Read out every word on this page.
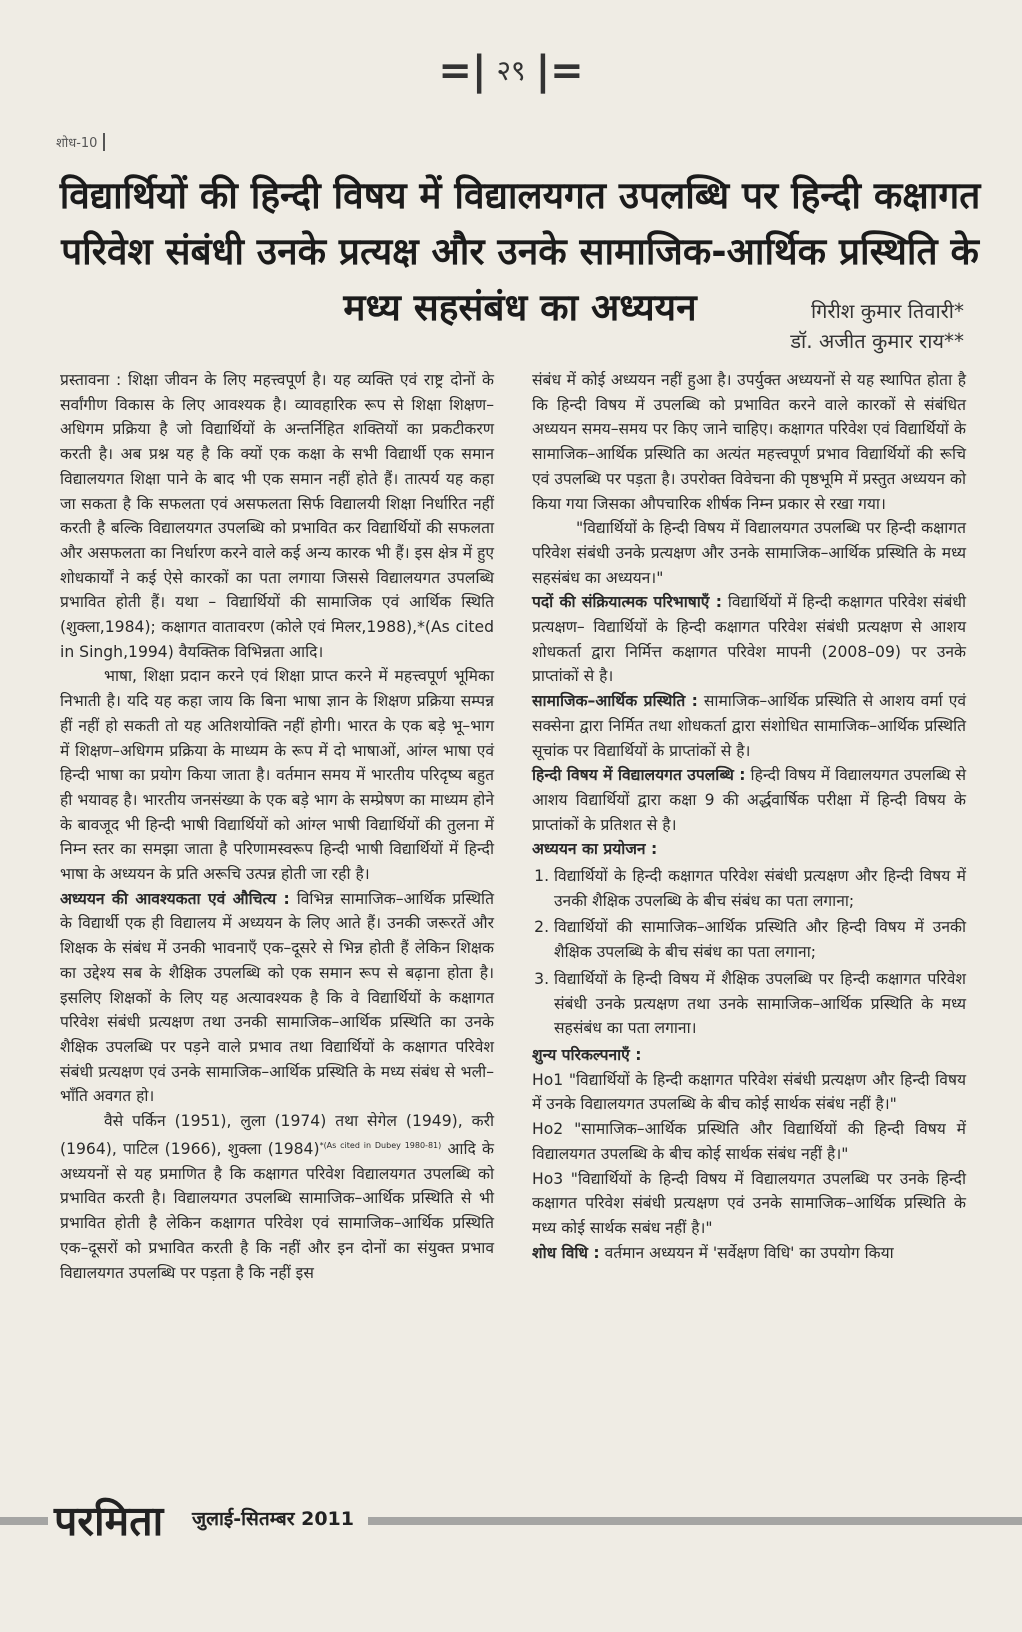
=| २९ |=
शोध-10
विद्यार्थियों की हिन्दी विषय में विद्यालयगत उपलब्धि पर हिन्दी कक्षागत परिवेश संबंधी उनके प्रत्यक्ष और उनके सामाजिक-आर्थिक प्रस्थिति के मध्य सहसंबंध का अध्ययन	गिरीश कुमार तिवारी*
डॉ. अजीत कुमार राय**

प्रस्तावना : शिक्षा जीवन के लिए महत्त्वपूर्ण है। यह व्यक्ति एवं राष्ट्र दोनों के सर्वांगीण विकास के लिए आवश्यक है। व्यावहारिक रूप से शिक्षा शिक्षण–अधिगम प्रक्रिया है जो विद्यार्थियों के अन्तर्निहित शक्तियों का प्रकटीकरण करती है। अब प्रश्न यह है कि क्यों एक कक्षा के सभी विद्यार्थी एक समान विद्यालयगत शिक्षा पाने के बाद भी एक समान नहीं होते हैं। तात्पर्य यह कहा जा सकता है कि सफलता एवं असफलता सिर्फ विद्यालयी शिक्षा निर्धारित नहीं करती है बल्कि विद्यालयगत उपलब्धि को प्रभावित कर विद्यार्थियों की सफलता और असफलता का निर्धारण करने वाले कई अन्य कारक भी हैं। इस क्षेत्र में हुए शोधकार्यों ने कई ऐसे कारकों का पता लगाया जिससे विद्यालयगत उपलब्धि प्रभावित होती हैं। यथा – विद्यार्थियों की सामाजिक एवं आर्थिक स्थिति (शुक्ला,1984); कक्षागत वातावरण (कोले एवं मिलर,1988),*(As cited in Singh,1994) वैयक्तिक विभिन्नता आदि।

भाषा, शिक्षा प्रदान करने एवं शिक्षा प्राप्त करने में महत्त्वपूर्ण भूमिका निभाती है। यदि यह कहा जाय कि बिना भाषा ज्ञान के शिक्षण प्रक्रिया सम्पन्न हीं नहीं हो सकती तो यह अतिशयोक्ति नहीं होगी। भारत के एक बड़े भू–भाग में शिक्षण–अधिगम प्रक्रिया के माध्यम के रूप में दो भाषाओं, आंग्ल भाषा एवं हिन्दी भाषा का प्रयोग किया जाता है। वर्तमान समय में भारतीय परिदृष्य बहुत ही भयावह है। भारतीय जनसंख्या के एक बड़े भाग के सम्प्रेषण का माध्यम होने के बावजूद भी हिन्दी भाषी विद्यार्थियों को आंग्ल भाषी विद्यार्थियों की तुलना में निम्न स्तर का समझा जाता है परिणामस्वरूप हिन्दी भाषी विद्यार्थियों में हिन्दी भाषा के अध्ययन के प्रति अरूचि उत्पन्न होती जा रही है।

अध्ययन की आवश्यकता एवं औचित्य : विभिन्न सामाजिक–आर्थिक प्रस्थिति के विद्यार्थी एक ही विद्यालय में अध्ययन के लिए आते हैं। उनकी जरूरतें और शिक्षक के संबंध में उनकी भावनाएँ एक–दूसरे से भिन्न होती हैं लेकिन शिक्षक का उद्देश्य सब के शैक्षिक उपलब्धि को एक समान रूप से बढ़ाना होता है। इसलिए शिक्षकों के लिए यह अत्यावश्यक है कि वे विद्यार्थियों के कक्षागत परिवेश संबंधी प्रत्यक्षण तथा उनकी सामाजिक–आर्थिक प्रस्थिति का उनके शैक्षिक उपलब्धि पर पड़ने वाले प्रभाव तथा विद्यार्थियों के कक्षागत परिवेश संबंधी प्रत्यक्षण एवं उनके सामाजिक–आर्थिक प्रस्थिति के मध्य संबंध से भली–भाँति अवगत हो।

वैसे पर्किन (1951), लुला (1974) तथा सेगेल (1949), करी (1964), पाटिल (1966), शुक्ला $(1984)^{*(As cited in Dubey 1980-81)}$ आदि के अध्ययनों से यह प्रमाणित है कि कक्षागत परिवेश विद्यालयगत उपलब्धि को प्रभावित करती है। विद्यालयगत उपलब्धि सामाजिक–आर्थिक प्रस्थिति से भी प्रभावित होती है लेकिन कक्षागत परिवेश एवं सामाजिक–आर्थिक प्रस्थिति एक–दूसरों को प्रभावित करती है कि नहीं और इन दोनों का संयुक्त प्रभाव विद्यालयगत उपलब्धि पर पड़ता है कि नहीं इस

संबंध में कोई अध्ययन नहीं हुआ है। उपर्युक्त अध्ययनों से यह स्थापित होता है कि हिन्दी विषय में उपलब्धि को प्रभावित करने वाले कारकों से संबंधित अध्ययन समय–समय पर किए जाने चाहिए। कक्षागत परिवेश एवं विद्यार्थियों के सामाजिक–आर्थिक प्रस्थिति का अत्यंत महत्त्वपूर्ण प्रभाव विद्यार्थियों की रूचि एवं उपलब्धि पर पड़ता है। उपरोक्त विवेचना की पृष्ठभूमि में प्रस्तुत अध्ययन को किया गया जिसका औपचारिक शीर्षक निम्न प्रकार से रखा गया।

"विद्यार्थियों के हिन्दी विषय में विद्यालयगत उपलब्धि पर हिन्दी कक्षागत परिवेश संबंधी उनके प्रत्यक्षण और उनके सामाजिक–आर्थिक प्रस्थिति के मध्य सहसंबंध का अध्ययन।"

पदों की संक्रियात्मक परिभाषाएँ : विद्यार्थियों में हिन्दी कक्षागत परिवेश संबंधी प्रत्यक्षण– विद्यार्थियों के हिन्दी कक्षागत परिवेश संबंधी प्रत्यक्षण से आशय शोधकर्ता द्वारा निर्मित्त कक्षागत परिवेश मापनी (2008–09) पर उनके प्राप्तांकों से है।

सामाजिक–आर्थिक प्रस्थिति : सामाजिक–आर्थिक प्रस्थिति से आशय वर्मा एवं सक्सेना द्वारा निर्मित तथा शोधकर्ता द्वारा संशोधित सामाजिक–आर्थिक प्रस्थिति सूचांक पर विद्यार्थियों के प्राप्तांकों से है।

हिन्दी विषय में विद्यालयगत उपलब्धि : हिन्दी विषय में विद्यालयगत उपलब्धि से आशय विद्यार्थियों द्वारा कक्षा 9 की अर्द्धवार्षिक परीक्षा में हिन्दी विषय के प्राप्तांकों के प्रतिशत से है।

अध्ययन का प्रयोजन :

1. विद्यार्थियों के हिन्दी कक्षागत परिवेश संबंधी प्रत्यक्षण और हिन्दी विषय में उनकी शैक्षिक उपलब्धि के बीच संबंध का पता लगाना;
2. विद्यार्थियों की सामाजिक–आर्थिक प्रस्थिति और हिन्दी विषय में उनकी शैक्षिक उपलब्धि के बीच संबंध का पता लगाना;
3. विद्यार्थियों के हिन्दी विषय में शैक्षिक उपलब्धि पर हिन्दी कक्षागत परिवेश संबंधी उनके प्रत्यक्षण तथा उनके सामाजिक–आर्थिक प्रस्थिति के मध्य सहसंबंध का पता लगाना।

शुन्य परिकल्पनाएँ :

Ho1 "विद्यार्थियों के हिन्दी कक्षागत परिवेश संबंधी प्रत्यक्षण और हिन्दी विषय में उनके विद्यालयगत उपलब्धि के बीच कोई सार्थक संबंध नहीं है।"

Ho2 "सामाजिक–आर्थिक प्रस्थिति और विद्यार्थियों की हिन्दी विषय में विद्यालयगत उपलब्धि के बीच कोई सार्थक संबंध नहीं है।"

Ho3 "विद्यार्थियों के हिन्दी विषय में विद्यालयगत उपलब्धि पर उनके हिन्दी कक्षागत परिवेश संबंधी प्रत्यक्षण एवं उनके सामाजिक–आर्थिक प्रस्थिति के मध्य कोई सार्थक सबंध नहीं है।"

शोध विधि : वर्तमान अध्ययन में 'सर्वेक्षण विधि' का उपयोग किया

परमिता जुलाई-सितम्बर 2011
